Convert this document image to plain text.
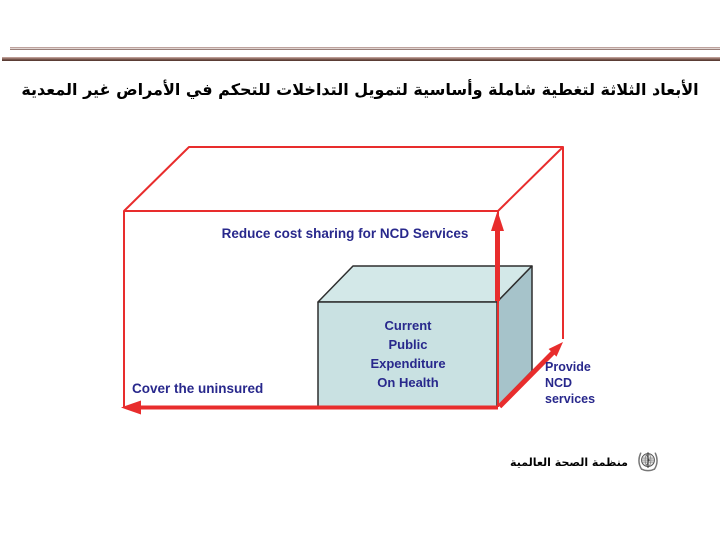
الأبعاد الثلاثة لتغطية شاملة وأساسية لتمويل التداخلات للتحكم في الأمراض غير المعدية
Reduce cost sharing for NCD Services
Cover the uninsured
Provide
NCD
services
Current
Public
Expenditure
On Health
منظمة الصحة العالمية
